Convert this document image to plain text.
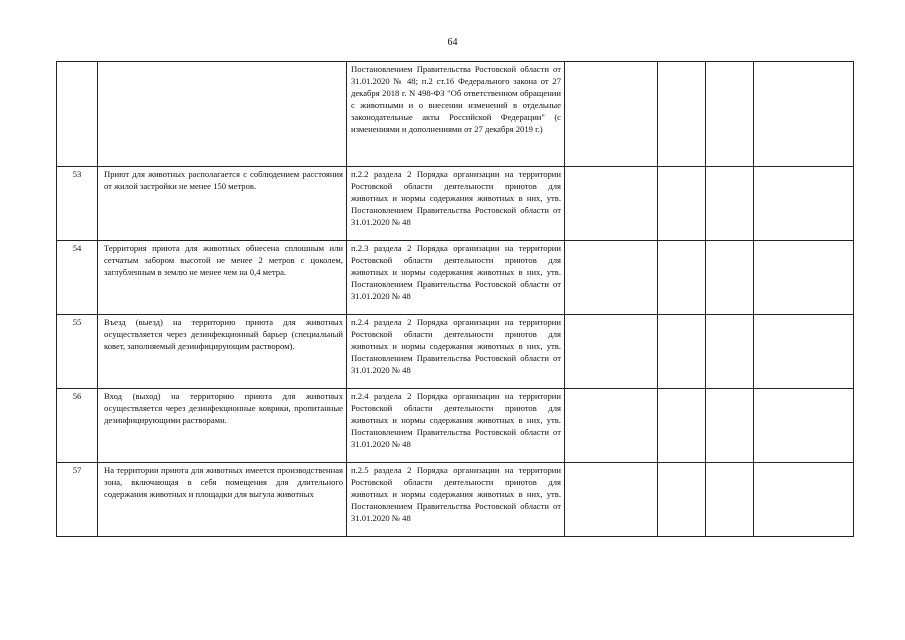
64

		Постановлением Правительства Ростовской области от 31.01.2020 № 48; п.2 ст.16 Федерального закона от 27 декабря 2018 г. N 498-ФЗ "Об ответственном обращении с животными и о внесении изменений в отдельные законодательные акты Российской Федерации" (с изменениями и дополнениями от 27 декабря 2019 г.)				

53	Приют для животных располагается с соблюдением расстояния от жилой застройки не менее 150 метров.	п.2.2 раздела 2 Порядка организации на территории Ростовской области деятельности приютов для животных и нормы содержания животных в них, утв. Постановлением Правительства Ростовской области от 31.01.2020 № 48				
54	Территория приюта для животных обнесена сплошным или сетчатым забором высотой не менее 2 метров с цоколем, заглубленным в землю не менее чем на 0,4 метра.	п.2.3 раздела 2 Порядка организации на территории Ростовской области деятельности приютов для животных и нормы содержания животных в них, утв. Постановлением Правительства Ростовской области от 31.01.2020 № 48				
55	Въезд (выезд) на территорию приюта для животных осуществляется через дезинфекционный барьер (специальный ковет, заполняемый дезинфицирующим раствором).	п.2.4 раздела 2 Порядка организации на территории Ростовской области деятельности приютов для животных и нормы содержания животных в них, утв. Постановлением Правительства Ростовской области от 31.01.2020 № 48				
56	Вход (выход) на территорию приюта для животных осуществляется через дезинфекционные коврики, пропитанные дезинфицирующими растворами.	п.2.4 раздела 2 Порядка организации на территории Ростовской области деятельности приютов для животных и нормы содержания животных в них, утв. Постановлением Правительства Ростовской области от 31.01.2020 № 48				
57	На территории приюта для животных имеется производственная зона, включающая в себя помещения для длительного содержания животных и площадки для выгула животных	п.2.5 раздела 2 Порядка организации на территории Ростовской области деятельности приютов для животных и нормы содержания животных в них, утв. Постановлением Правительства Ростовской области от 31.01.2020 № 48				
